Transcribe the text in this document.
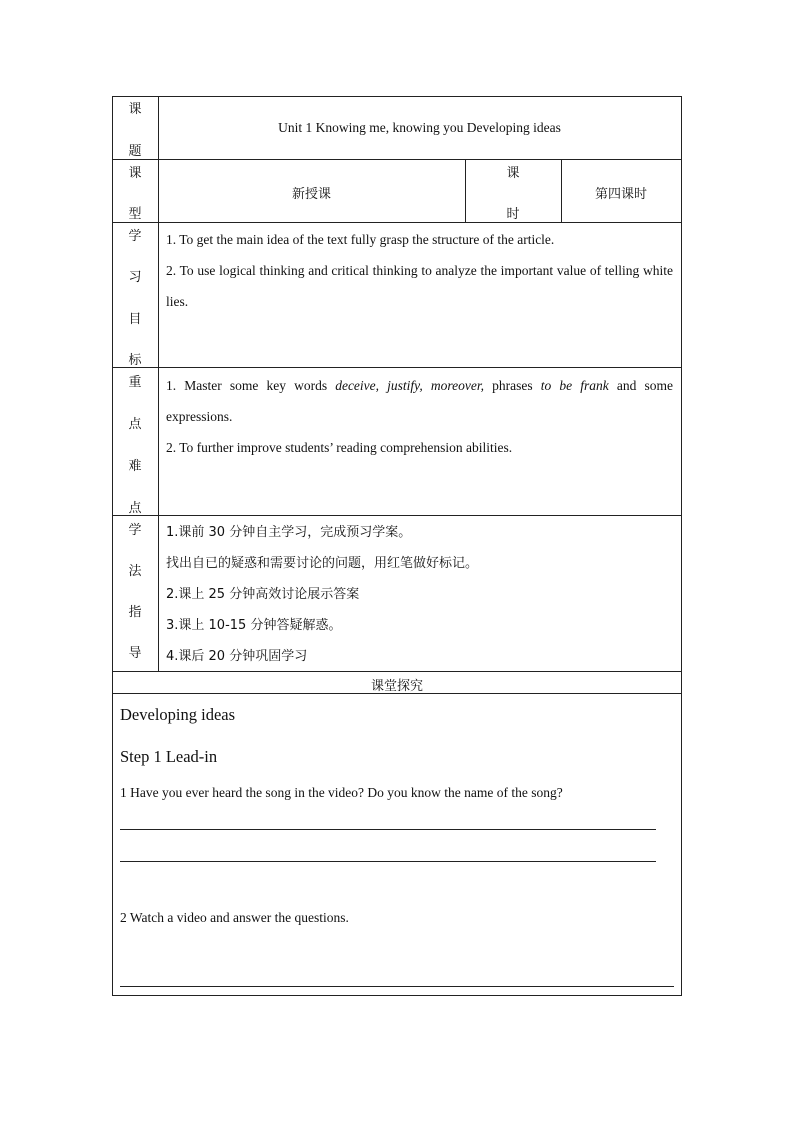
课
题
Unit 1 Knowing me, knowing you Developing ideas
课
型
新授课
课
时
第四课时
学
习
目
标

1. To get the main idea of the text fully grasp the structure of the article.

2. To use logical thinking and critical thinking to analyze the important value of telling white lies.

重
点
难
点

1. Master some key words deceive, justify, moreover, phrases to be frank and some expressions.

2. To further improve students’ reading comprehension abilities.

学
法
指
导

1.课前 30 分钟自主学习，完成预习学案。

找出自已的疑惑和需要讨论的问题，用红笔做好标记。

2.课上 25 分钟高效讨论展示答案

3.课上 10-15 分钟答疑解惑。

4.课后 20 分钟巩固学习

课堂探究
Developing ideas
Step 1 Lead-in
1 Have you ever heard the song in the video? Do you know the name of the song?
2 Watch a video and answer the questions.
